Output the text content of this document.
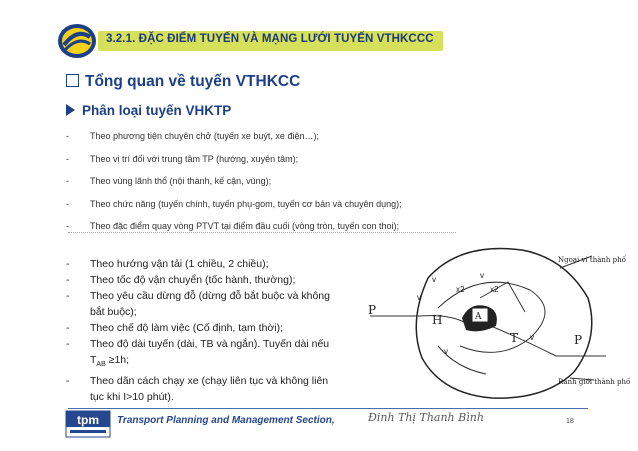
3.2.1. ĐẶC ĐIỂM TUYẾN VÀ MẠNG LƯỚI TUYẾN VTHKCCC
Tổng quan về tuyến VTHKCC
Phân loại tuyến VHKTP
- Theo phương tiện chuyên chở (tuyến xe buýt, xe điện…);
- Theo vị trí đối với trung tâm TP (hướng, xuyên tâm);
- Theo vùng lãnh thổ (nội thành, kế cận, vùng);
- Theo chức năng (tuyến chính, tuyến phụ-gom, tuyến cơ bản và chuyên dụng);
- Theo đặc điểm quay vòng PTVT tại điểm đầu cuối (vòng tròn, tuyến con thoi);
- Theo hướng vận tải (1 chiều, 2 chiều);
- Theo tốc độ vận chuyển (tốc hành, thường);
- Theo yêu cầu dừng đỗ (dừng đỗ bắt buộc và không bắt buộc);
- Theo chế độ làm việc (Cố định, tạm thời);
- Theo độ dài tuyến (dài, TB và ngắn). Tuyến dài nếu $T_{AB} \ge 1h$;
- Theo dãn cách chạy xe (chạy liên tục và không liên tục khi I>10 phút).
P
P
H	A
T
v
v
v
v
v
x2	x2
Ngoại vi thành phố
Ranh giới thành phố
tpm Transport Planning and Management Section,	Đinh Thị Thanh Bình	18
